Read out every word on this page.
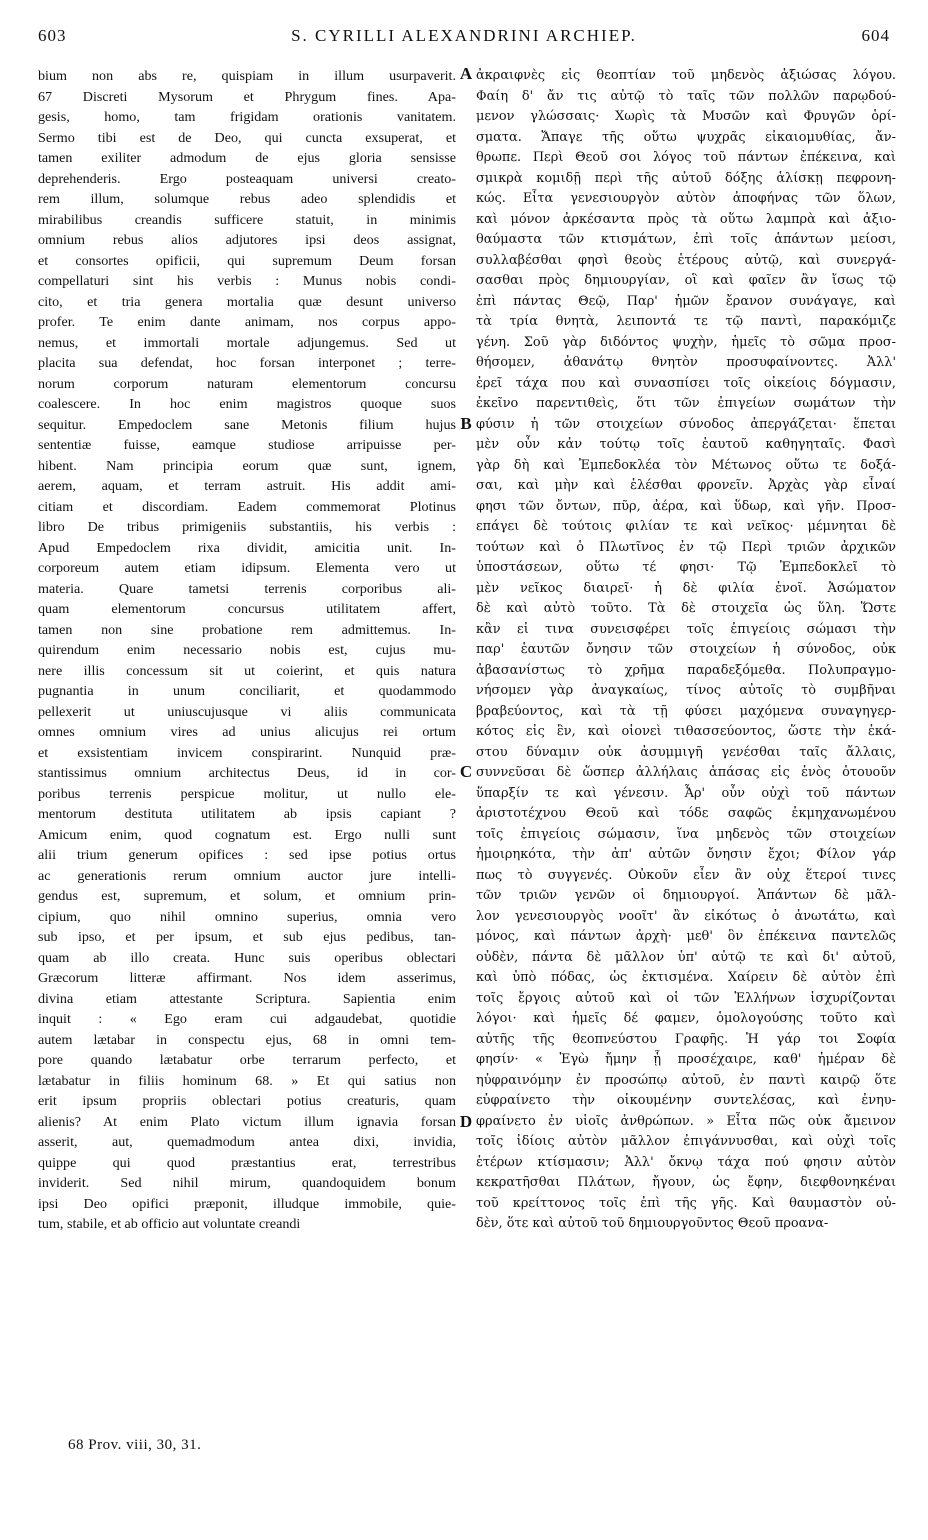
S. CYRILLI ALEXANDRINI ARCHIEP.
603	604
bium non abs re, quispiam in illum usurpaverit.
67 Discreti Mysorum et Phrygum fines. Apa-
gesis, homo, tam frigidam orationis vanitatem.
Sermo tibi est de Deo, qui cuncta exsuperat, et
tamen exiliter admodum de ejus gloria sensisse
deprehenderis. Ergo posteaquam universi creato-
rem illum, solumque rebus adeo splendidis et
mirabilibus creandis sufficere statuit, in minimis
omnium rebus alios adjutores ipsi deos assignat,
et consortes opificii, qui supremum Deum forsan
compellaturi sint his verbis : Munus nobis condi-
cito, et tria genera mortalia quæ desunt universo
profer. Te enim dante animam, nos corpus appo-
nemus, et immortali mortale adjungemus. Sed ut
placita sua defendat, hoc forsan interponet ; terre-
norum corporum naturam elementorum concursu
coalescere. In hoc enim magistros quoque suos
sequitur. Empedoclem sane Metonis filium hujus
sententiæ fuisse, eamque studiose arripuisse per-
hibent. Nam principia eorum quæ sunt, ignem,
aerem, aquam, et terram astruit. His addit ami-
citiam et discordiam. Eadem commemorat Plotinus
libro De tribus primigeniis substantiis, his verbis :
Apud Empedoclem rixa dividit, amicitia unit. In-
corporeum autem etiam idipsum. Elementa vero ut
materia. Quare tametsi terrenis corporibus ali-
quam elementorum concursus utilitatem affert,
tamen non sine probatione rem admittemus. In-
quirendum enim necessario nobis est, cujus mu-
nere illis concessum sit ut coierint, et quis natura
pugnantia in unum conciliarit, et quodammodo
pellexerit ut uniuscujusque vi aliis communicata
omnes omnium vires ad unius alicujus rei ortum
et exsistentiam invicem conspirarint. Nunquid præ-
stantissimus omnium architectus Deus, id in cor-
poribus terrenis perspicue molitur, ut nullo ele-
mentorum destituta utilitatem ab ipsis capiant ?
Amicum enim, quod cognatum est. Ergo nulli sunt
alii trium generum opifices : sed ipse potius ortus
ac generationis rerum omnium auctor jure intelli-
gendus est, supremum, et solum, et omnium prin-
cipium, quo nihil omnino superius, omnia vero
sub ipso, et per ipsum, et sub ejus pedibus, tan-
quam ab illo creata. Hunc suis operibus oblectari
Græcorum litteræ affirmant. Nos idem asserimus,
divina etiam attestante Scriptura. Sapientia enim
inquit : « Ego eram cui adgaudebat, quotidie
autem lætabar in conspectu ejus, 68 in omni tem-
pore quando lætabatur orbe terrarum perfecto, et
lætabatur in filiis hominum 68. » Et qui satius non
erit ipsum propriis oblectari potius creaturis, quam
alienis? At enim Plato victum illum ignavia forsan
asserit, aut, quemadmodum antea dixi, invidia,
quippe qui quod præstantius erat, terrestribus
inviderit. Sed nihil mirum, quandoquidem bonum
ipsi Deo opifici præponit, illudque immobile, quie-
tum, stabile, et ab officio aut voluntate creandi
A
B
C
D
ἀκραιφνὲς εἰς θεοπτίαν τοῦ μηδενὸς ἀξιώσας λόγου.
Φαίη δ' ἄν τις αὐτῷ τὸ ταῖς τῶν πολλῶν παρῳδού-
μενον γλώσσαις· Χωρὶς τὰ Μυσῶν καὶ Φρυγῶν ὁρί-
σματα. Ἄπαγε τῆς οὕτω ψυχρᾶς εἰκαιομυθίας, ἄν-
θρωπε. Περὶ Θεοῦ σοι λόγος τοῦ πάντων ἐπέκεινα, καὶ
σμικρὰ κομιδῇ περὶ τῆς αὐτοῦ δόξης ἁλίσκῃ πεφρονη-
κώς. Εἶτα γενεσιουργὸν αὐτὸν ἀποφήνας τῶν ὅλων,
καὶ μόνον ἀρκέσαντα πρὸς τὰ οὕτω λαμπρὰ καὶ ἀξιο-
θαύμαστα τῶν κτισμάτων, ἐπὶ τοῖς ἁπάντων μείοσι,
συλλαβέσθαι φησὶ θεοὺς ἑτέρους αὐτῷ, καὶ συνεργά-
σασθαι πρὸς δημιουργίαν, οἳ καὶ φαῖεν ἂν ἴσως τῷ
ἐπὶ πάντας Θεῷ, Παρ' ἡμῶν ἔρανον συνάγαγε, καὶ
τὰ τρία θνητὰ, λειποντά τε τῷ παντὶ, παρακόμιζε
γένη. Σοῦ γὰρ διδόντος ψυχὴν, ἡμεῖς τὸ σῶμα προσ-
θήσομεν, ἀθανάτῳ θνητὸν προσυφαίνοντες. Ἀλλ'
ἐρεῖ τάχα που καὶ συνασπίσει τοῖς οἰκείοις δόγμασιν,
ἐκεῖνο παρεντιθεὶς, ὅτι τῶν ἐπιγείων σωμάτων τὴν
φύσιν ἡ τῶν στοιχείων σύνοδος ἀπεργάζεται· ἕπεται
μὲν οὖν κἀν τούτῳ τοῖς ἑαυτοῦ καθηγηταῖς. Φασὶ
γὰρ δὴ καὶ Ἐμπεδοκλέα τὸν Μέτωνος οὕτω τε δοξά-
σαι, καὶ μὴν καὶ ἑλέσθαι φρονεῖν. Ἀρχὰς γὰρ εἶναί
φησι τῶν ὄντων, πῦρ, ἀέρα, καὶ ὕδωρ, καὶ γῆν. Προσ-
επάγει δὲ τούτοις φιλίαν τε καὶ νεῖκος· μέμνηται δὲ
τούτων καὶ ὁ Πλωτῖνος ἐν τῷ Περὶ τριῶν ἀρχικῶν
ὑποστάσεων, οὕτω τέ φησι· Τῷ Ἐμπεδοκλεῖ τὸ
μὲν νεῖκος διαιρεῖ· ἡ δὲ φιλία ἑνοῖ. Ἀσώματον
δὲ καὶ αὐτὸ τοῦτο. Τὰ δὲ στοιχεῖα ὡς ὕλη. Ὥστε
κἂν εἰ τινα συνεισφέρει τοῖς ἐπιγείοις σώμασι τὴν
παρ' ἑαυτῶν ὄνησιν τῶν στοιχείων ἡ σύνοδος, οὐκ
ἀβασανίστως τὸ χρῆμα παραδεξόμεθα. Πολυπραγμο-
νήσομεν γὰρ ἀναγκαίως, τίνος αὐτοῖς τὸ συμβῆναι
βραβεύοντος, καὶ τὰ τῇ φύσει μαχόμενα συναγηγερ-
κότος εἰς ἓν, καὶ οἱονεὶ τιθασσεύοντος, ὥστε τὴν ἑκά-
στου δύναμιν οὐκ ἀσυμμιγῆ γενέσθαι ταῖς ἄλλαις,
συννεῦσαι δὲ ὥσπερ ἀλλήλαις ἁπάσας εἰς ἑνὸς ὁτουοῦν
ὕπαρξίν τε καὶ γένεσιν. Ἆρ' οὖν οὐχὶ τοῦ πάντων
ἀριστοτέχνου Θεοῦ καὶ τόδε σαφῶς ἐκμηχανωμένου
τοῖς ἐπιγείοις σώμασιν, ἵνα μηδενὸς τῶν στοιχείων
ἠμοιρηκότα, τὴν ἀπ' αὐτῶν ὄνησιν ἔχοι; Φίλον γάρ
πως τὸ συγγενές. Οὐκοῦν εἶεν ἂν οὐχ ἕτεροί τινες
τῶν τριῶν γενῶν οἱ δημιουργοί. Ἁπάντων δὲ μᾶλ-
λον γενεσιουργὸς νοοῖτ' ἂν εἰκότως ὁ ἀνωτάτω, καὶ
μόνος, καὶ πάντων ἀρχὴ· μεθ' ὃν ἐπέκεινα παντελῶς
οὐδὲν, πάντα δὲ μᾶλλον ὑπ' αὐτῷ τε καὶ δι' αὐτοῦ,
καὶ ὑπὸ πόδας, ὡς ἐκτισμένα. Χαίρειν δὲ αὐτὸν ἐπὶ
τοῖς ἔργοις αὐτοῦ καὶ οἱ τῶν Ἑλλήνων ἰσχυρίζονται
λόγοι· καὶ ἡμεῖς δέ φαμεν, ὁμολογούσης τοῦτο καὶ
αὐτῆς τῆς θεοπνεύστου Γραφῆς. Ἡ γάρ τοι Σοφία
φησίν· « Ἐγὼ ἤμην ᾗ προσέχαιρε, καθ' ἡμέραν δὲ
ηὐφραινόμην ἐν προσώπῳ αὐτοῦ, ἐν παντὶ καιρῷ ὅτε
εὐφραίνετο τὴν οἰκουμένην συντελέσας, καὶ ἐνηυ-
φραίνετο ἐν υἱοῖς ἀνθρώπων. » Εἶτα πῶς οὐκ ἄμεινον
τοῖς ἰδίοις αὐτὸν μᾶλλον ἐπιγάννυσθαι, καὶ οὐχὶ τοῖς
ἑτέρων κτίσμασιν; Ἀλλ' ὄκνῳ τάχα πού φησιν αὐτὸν
κεκρατῆσθαι Πλάτων, ἤγουν, ὡς ἔφην, διεφθονηκέναι
τοῦ κρείττονος τοῖς ἐπὶ τῆς γῆς. Καὶ θαυμαστὸν οὐ-
δὲν, ὅτε καὶ αὐτοῦ τοῦ δημιουργοῦντος Θεοῦ προανα-
68 Prov. viii, 30, 31.
